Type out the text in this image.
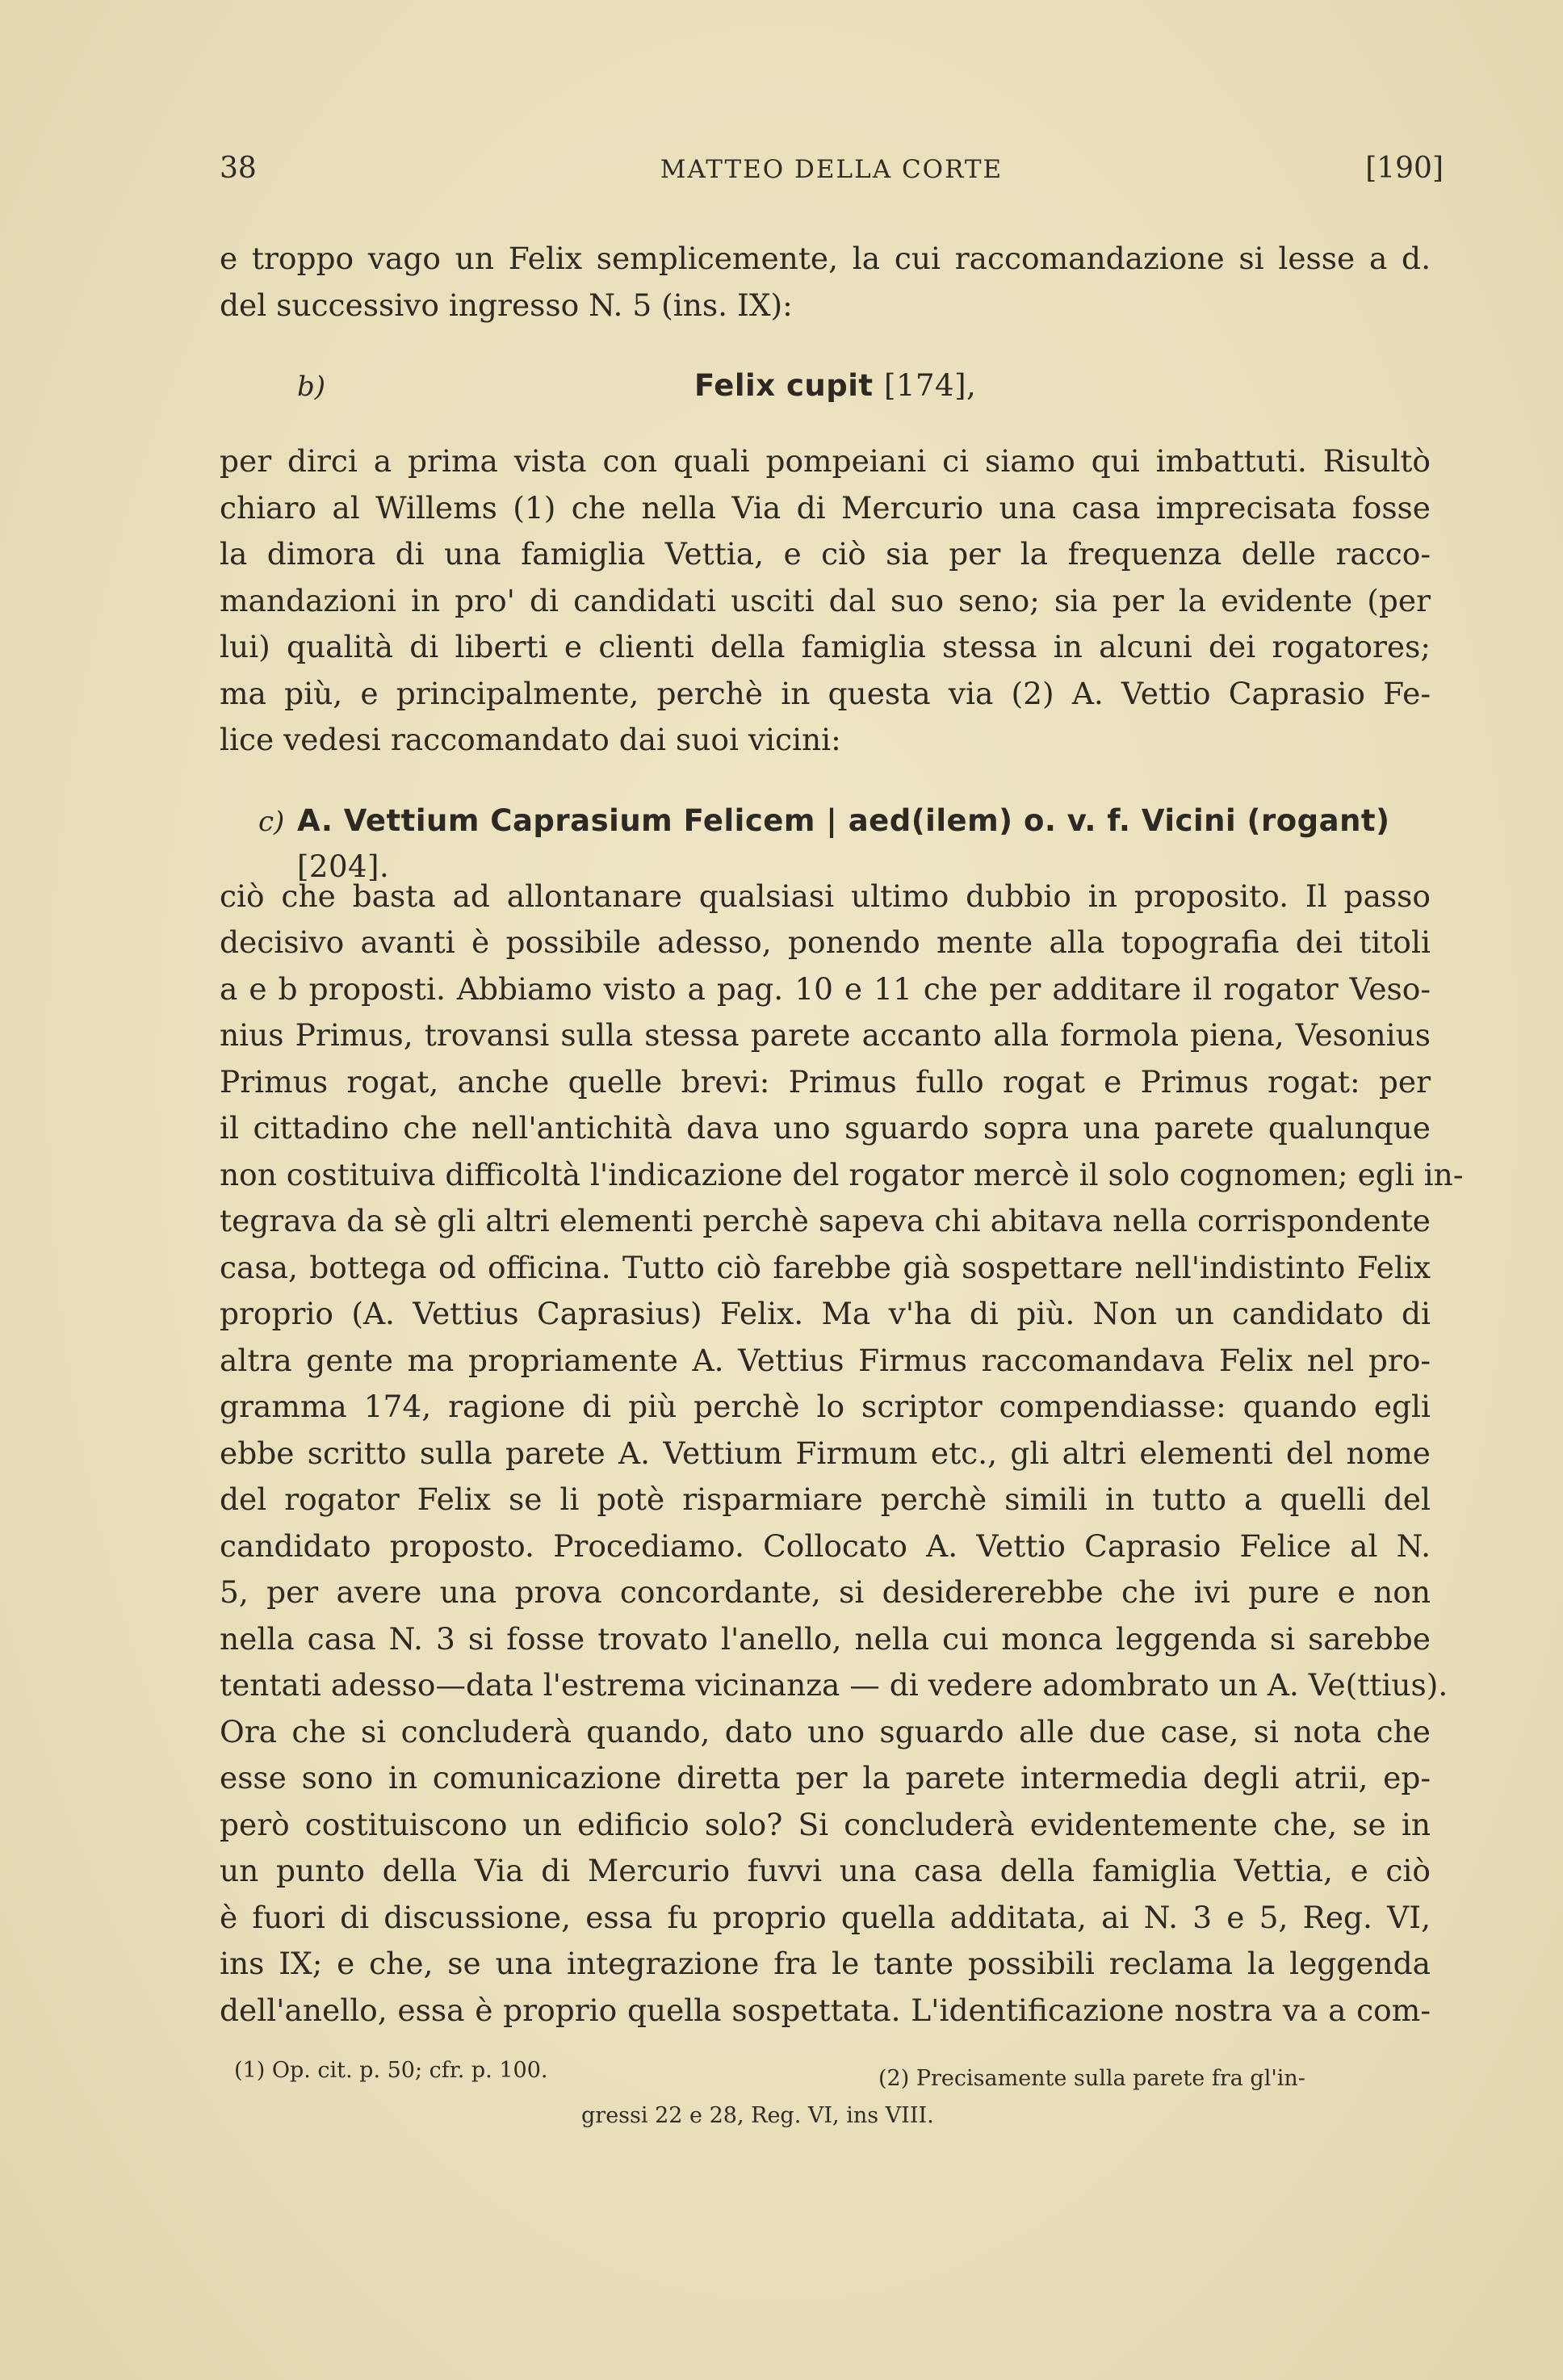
38	MATTEO DELLA CORTE	[190]

e troppo vago un Felix semplicemente, la cui raccomandazione si lesse a d.
del successivo ingresso N. 5 (ins. IX):

b)	Felix cupit [174],

per dirci a prima vista con quali pompeiani ci siamo qui imbattuti. Risultò
chiaro al Willems (1) che nella Via di Mercurio una casa imprecisata fosse
la dimora di una famiglia Vettia, e ciò sia per la frequenza delle racco-
mandazioni in pro' di candidati usciti dal suo seno; sia per la evidente (per
lui) qualità di liberti e clienti della famiglia stessa in alcuni dei rogatores;
ma più, e principalmente, perchè in questa via (2) A. Vettio Caprasio Fe-
lice vedesi raccomandato dai suoi vicini:

c) A. Vettium Caprasium Felicem | aed(ilem) o. v. f. Vicini (rogant) [204].

ciò che basta ad allontanare qualsiasi ultimo dubbio in proposito. Il passo
decisivo avanti è possibile adesso, ponendo mente alla topografia dei titoli
a e b proposti. Abbiamo visto a pag. 10 e 11 che per additare il rogator Veso-
nius Primus, trovansi sulla stessa parete accanto alla formola piena, Vesonius
Primus rogat, anche quelle brevi: Primus fullo rogat e Primus rogat: per
il cittadino che nell'antichità dava uno sguardo sopra una parete qualunque
non costituiva difficoltà l'indicazione del rogator mercè il solo cognomen; egli in-
tegrava da sè gli altri elementi perchè sapeva chi abitava nella corrispondente
casa, bottega od officina. Tutto ciò farebbe già sospettare nell'indistinto Felix
proprio (A. Vettius Caprasius) Felix. Ma v'ha di più. Non un candidato di
altra gente ma propriamente A. Vettius Firmus raccomandava Felix nel pro-
gramma 174, ragione di più perchè lo scriptor compendiasse: quando egli
ebbe scritto sulla parete A. Vettium Firmum etc., gli altri elementi del nome
del rogator Felix se li potè risparmiare perchè simili in tutto a quelli del
candidato proposto. Procediamo. Collocato A. Vettio Caprasio Felice al N.
5, per avere una prova concordante, si desidererebbe che ivi pure e non
nella casa N. 3 si fosse trovato l'anello, nella cui monca leggenda si sarebbe
tentati adesso—data l'estrema vicinanza — di vedere adombrato un A. Ve(ttius).
Ora che si concluderà quando, dato uno sguardo alle due case, si nota che
esse sono in comunicazione diretta per la parete intermedia degli atrii, ep-
però costituiscono un edificio solo? Si concluderà evidentemente che, se in
un punto della Via di Mercurio fuvvi una casa della famiglia Vettia, e ciò
è fuori di discussione, essa fu proprio quella additata, ai N. 3 e 5, Reg. VI,
ins IX; e che, se una integrazione fra le tante possibili reclama la leggenda
dell'anello, essa è proprio quella sospettata. L'identificazione nostra va a com-

(1) Op. cit. p. 50; cfr. p. 100.	(2) Precisamente sulla parete fra gl'in-
gressi 22 e 28, Reg. VI, ins VIII.
